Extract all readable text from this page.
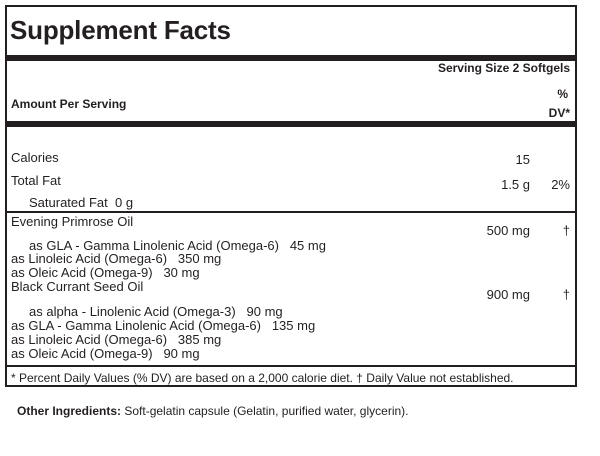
Supplement Facts
Serving Size 2 Softgels
Amount Per Serving
%
DV*
Calories	15
Total Fat	1.5 g 2%
Saturated Fat  0 g
Evening Primrose Oil
500 mg	†
as GLA - Gamma Linolenic Acid (Omega-6)   45 mg
as Linoleic Acid (Omega-6)   350 mg
as Oleic Acid (Omega-9)   30 mg
Black Currant Seed Oil
900 mg	†
as alpha - Linolenic Acid (Omega-3)   90 mg
as GLA - Gamma Linolenic Acid (Omega-6)   135 mg
as Linoleic Acid (Omega-6)   385 mg
as Oleic Acid (Omega-9)   90 mg
* Percent Daily Values (% DV) are based on a 2,000 calorie diet. † Daily Value not established.
Other Ingredients: Soft-gelatin capsule (Gelatin, purified water, glycerin).
